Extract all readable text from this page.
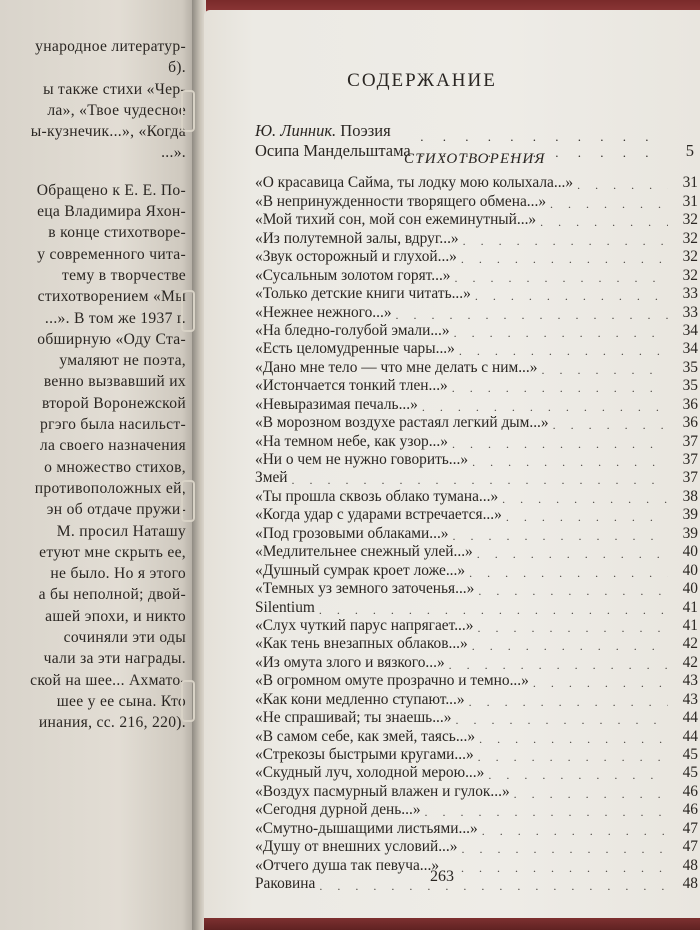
ународное литератур-
б).
ы также стихи «Чер-
ла», «Твое чудесное
ы-кузнечик...», «Когда
...».
Обращено к Е. Е. По-
ецa Владимира Яхон-
в конце стихотворе-
у современного чита-
тему в творчестве
стихотворением «Мы
...». В том же 1937 г.
обширную «Оду Ста-
умаляют не поэта,
венно вызвавший их
второй Воронежской
ргэго была насильст-
ла своего назначения
о множество стихов,
противоположных ей,
эн об отдаче пружи-
М. просил Наташу
етуют мне скрыть ее,
не было. Но я этого
а бы неполной; двой-
ашей эпохи, и никто
сочиняли эти оды
чали за эти награды.
ской на шее... Ахмато-
шее у ее сына. Кто
инания, сс. 216, 220).
СОДЕРЖАНИЕ
Ю. Линник. Поэзия Осипа Мандельштама . . .	5
СТИХОТВОРЕНИЯ
«О красавица Сайма, ты лодку мою колыхала...» . . .	31
«В непринужденности творящего обмена...» . . .	31
«Мой тихий сон, мой сон ежеминутный...» . . .	32
«Из полутемной залы, вдруг...» . . .	32
«Звук осторожный и глухой...» . . .	32
«Сусальным золотом горят...» . . .	32
«Только детские книги читать...» . . .	33
«Нежнее нежного...» . . .	33
«На бледно-голубой эмали...» . . .	34
«Есть целомудренные чары...» . . .	34
«Дано мне тело — что мне делать с ним...» . . .	35
«Истончается тонкий тлен...» . . .	35
«Невыразимая печаль...» . . .	36
«В морозном воздухе растаял легкий дым...» . . .	36
«На темном небе, как узор...» . . .	37
«Ни о чем не нужно говорить...» . . .	37
Змей . . .	37
«Ты прошла сквозь облако тумана...» . . .	38
«Когда удар с ударами встречается...» . . .	39
«Под грозовыми облаками...» . . .	39
«Медлительнее снежный улей...» . . .	40
«Душный сумрак кроет ложе...» . . .	40
«Темных уз земного заточенья...» . . .	40
Silentium . . .	41
«Слух чуткий парус напрягает...» . . .	41
«Как тень внезапных облаков...» . . .	42
«Из омута злого и вязкого...» . . .	42
«В огромном омуте прозрачно и темно...» . . .	43
«Как кони медленно ступают...» . . .	43
«Не спрашивай; ты знаешь...» . . .	44
«В самом себе, как змей, таясь...» . . .	44
«Стрекозы быстрыми кругами...» . . .	45
«Скудный луч, холодной мерою...» . . .	45
«Воздух пасмурный влажен и гулок...» . . .	46
«Сегодня дурной день...» . . .	46
«Смутно-дышащими листьями...» . . .	47
«Душу от внешних условий...» . . .	47
«Отчего душа так певуча...» . . .	48
Раковина . . .	48
263
